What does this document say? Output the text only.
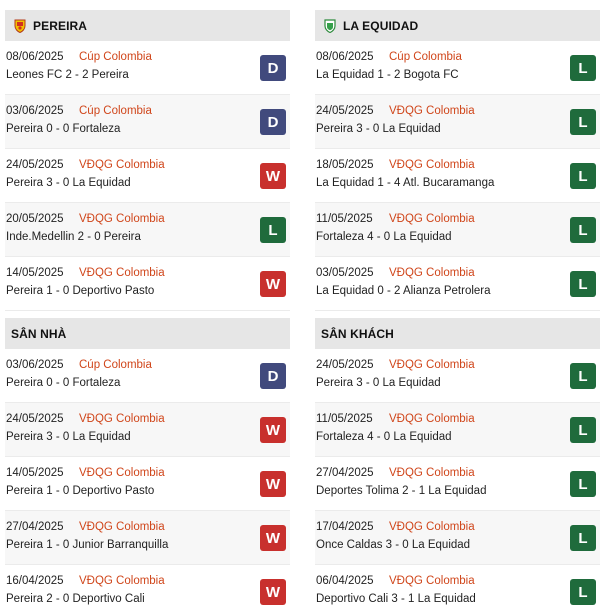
PEREIRA
08/06/2025 Cúp Colombia
Leones FC 2 - 2 Pereira	D
03/06/2025 Cúp Colombia
Pereira 0 - 0 Fortaleza	D
24/05/2025 VĐQG Colombia
Pereira 3 - 0 La Equidad	W
20/05/2025 VĐQG Colombia
Inde.Medellin 2 - 0 Pereira	L
14/05/2025 VĐQG Colombia
Pereira 1 - 0 Deportivo Pasto	W
SÂN NHÀ
03/06/2025 Cúp Colombia
Pereira 0 - 0 Fortaleza	D
24/05/2025 VĐQG Colombia
Pereira 3 - 0 La Equidad	W
14/05/2025 VĐQG Colombia
Pereira 1 - 0 Deportivo Pasto	W
27/04/2025 VĐQG Colombia
Pereira 1 - 0 Junior Barranquilla	W
16/04/2025 VĐQG Colombia
Pereira 2 - 0 Deportivo Cali	W
LA EQUIDAD
08/06/2025 Cúp Colombia
La Equidad 1 - 2 Bogota FC	L
24/05/2025 VĐQG Colombia
Pereira 3 - 0 La Equidad	L
18/05/2025 VĐQG Colombia
La Equidad 1 - 4 Atl. Bucaramanga	L
11/05/2025 VĐQG Colombia
Fortaleza 4 - 0 La Equidad	L
03/05/2025 VĐQG Colombia
La Equidad 0 - 2 Alianza Petrolera	L
SÂN KHÁCH
24/05/2025 VĐQG Colombia
Pereira 3 - 0 La Equidad	L
11/05/2025 VĐQG Colombia
Fortaleza 4 - 0 La Equidad	L
27/04/2025 VĐQG Colombia
Deportes Tolima 2 - 1 La Equidad	L
17/04/2025 VĐQG Colombia
Once Caldas 3 - 0 La Equidad	L
06/04/2025 VĐQG Colombia
Deportivo Cali 3 - 1 La Equidad	L
